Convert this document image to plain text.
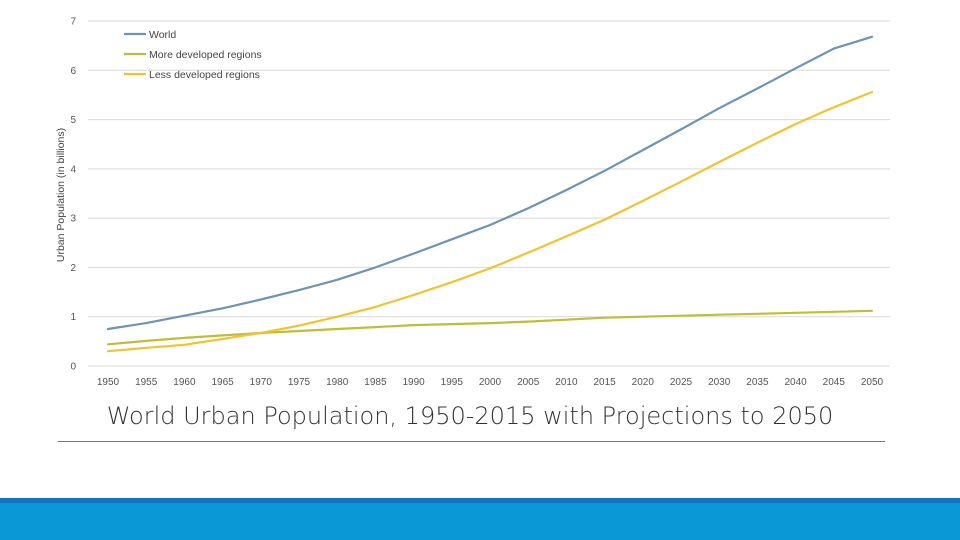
0
1
2
3
4
5
6
7
1950 1955 1960 1965 1970 1975 1980 1985 1990 1995 2000 2005 2010 2015 2020 2025 2030 2035 2040 2045 2050
World
More developed regions
Less developed regions
Urban Population (in billions)
World Urban Population, 1950-2015 with Projections to 2050
